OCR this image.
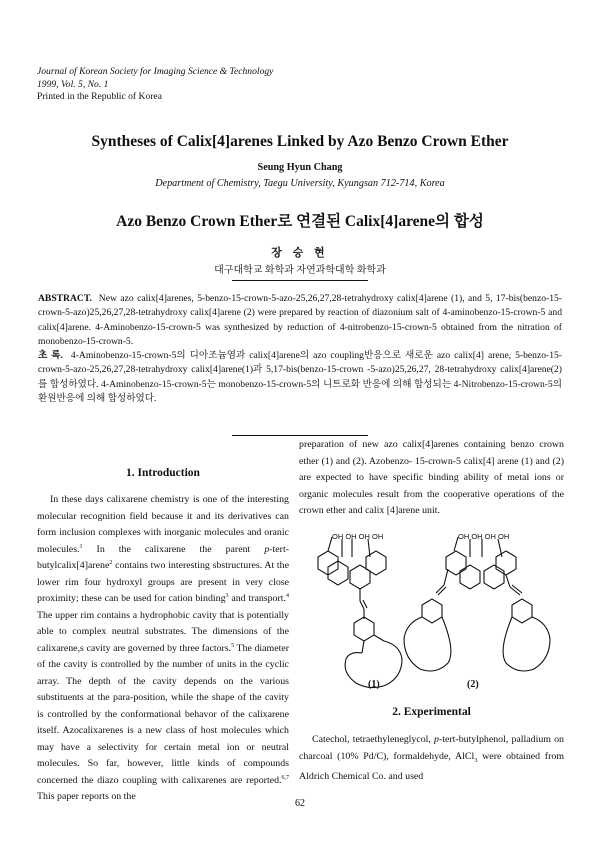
Journal of Korean Society for Imaging Science & Technology
1999, Vol. 5, No. 1
Printed in the Republic of Korea
Syntheses of Calix[4]arenes Linked by Azo Benzo Crown Ether
Seung Hyun Chang
Department of Chemistry, Taegu University, Kyungsan 712-714, Korea
Azo Benzo Crown Ether로 연결된 Calix[4]arene의 합성
장 승 현
대구대학교 화학과 자연과학대학 화학과

ABSTRACT. New azo calix[4]arenes, 5-benzo-15-crown-5-azo-25,26,27,28-tetrahydroxy calix[4]arene (1), and 5, 17-bis(benzo-15-crown-5-azo)25,26,27,28-tetrahydroxy calix[4]arene (2) were prepared by reaction of diazonium salt of 4-aminobenzo-15-crown-5 and calix[4]arene. 4-Aminobenzo-15-crown-5 was synthesized by reduction of 4-nitrobenzo-15-crown-5 obtained from the nitration of monobenzo-15-crown-5.

초 록. 4-Aminobenzo-15-crown-5의 디아조늄염과 calix[4]arene의 azo coupling반응으로 새로운 azo calix[4] arene, 5-benzo-15-crown-5-azo-25,26,27,28-tetrahydroxy calix[4]arene(1)과 5,17-bis(benzo-15-crown -5-azo)25,26,27, 28-tetrahydroxy calix[4]arene(2)를 합성하였다. 4-Aminobenzo-15-crown-5는 monobenzo-15-crown-5의 니트로화 반응에 의해 합성되는 4-Nitrobenzo-15-crown-5의 환원반응에 의해 합성하였다.

1. Introduction

In these days calixarene chemistry is one of the interesting molecular recognition field because it and its derivatives can form inclusion complexes with inorganic molecules and oranic molecules.$^1$ In the calixarene the parent p-tert-butylcalix[4]arene$^2$ contains two interesting sbstructures. At the lower rim four hydroxyl groups are present in very close proximity; these can be used for cation binding$^3$ and transport.$^4$ The upper rim contains a hydrophobic cavity that is potentially able to complex neutral substrates. The dimensions of the calixarene,s cavity are governed by three factors.$^5$ The diameter of the cavity is controlled by the number of units in the cyclic array. The depth of the cavity depends on the various substituents at the para-position, while the shape of the cavity is controlled by the conformational behavor of the calixarene itself. Azocalixarenes is a new class of host molecules which may have a selectivity for certain metal ion or neutral molecules. So far, however, little kinds of compounds concerned the diazo coupling with calixarenes are reported.$^{6,7}$ This paper reports on the

preparation of new azo calix[4]arenes containing benzo crown ether (1) and (2). Azobenzo- 15-crown-5 calix[4] arene (1) and (2) are expected to have specific binding ability of metal ions or organic molecules result from the cooperative operations of the crown ether and calix [4]arene unit.

OH OH OH OH	OH OH OH OH
(1)	(2)
2. Experimental

Catechol, tetraethyleneglycol, p-tert-butylphenol, palladium on charcoal (10% Pd/C), formaldehyde, AlCl$_3$ were obtained from Aldrich Chemical Co. and used

62
